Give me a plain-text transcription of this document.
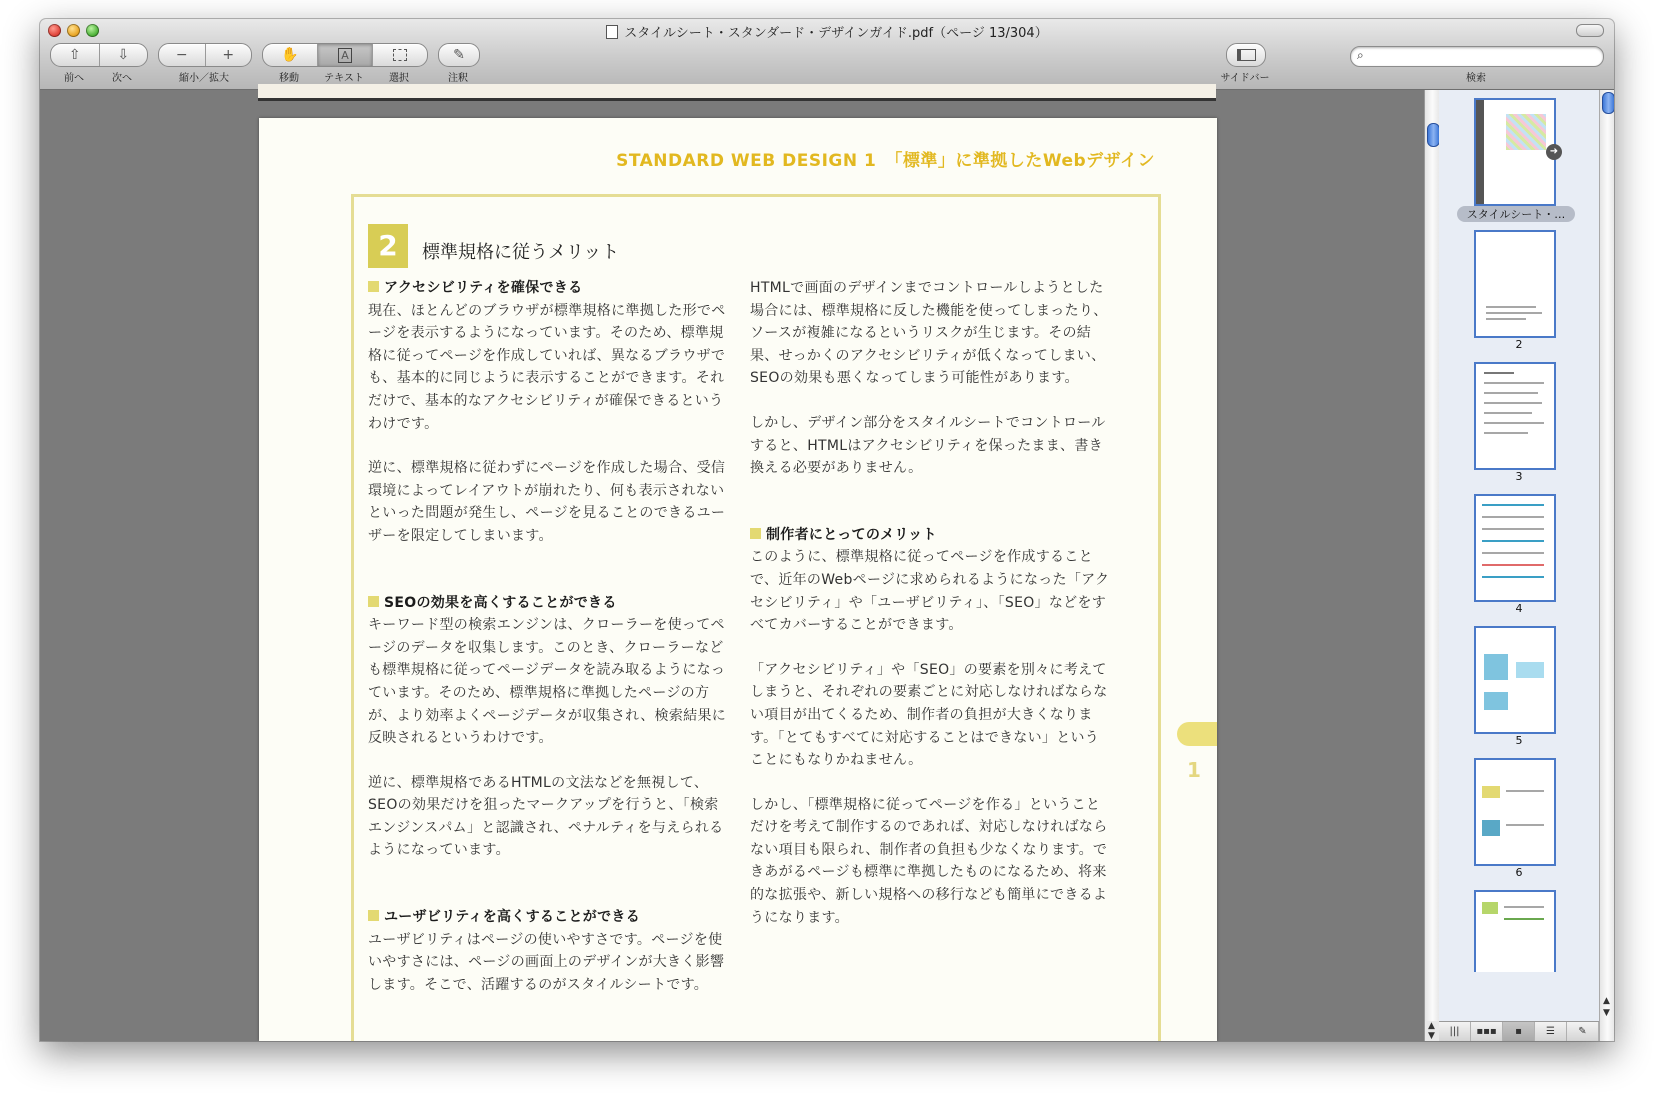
スタイルシート・スタンダード・デザインガイド.pdf（ページ 13/304）
⇧	⇩
前へ	次へ
− +
縮小／拡大
✋	A
移動	テキスト	選択
✎
注釈	サイドバー
⌕
検索
STANDARD WEB DESIGN 1　「標準」に準拠したWebデザイン
2	標準規格に従うメリット
アクセシビリティを確保できる

現在、ほとんどのブラウザが標準規格に準拠した形でページを表示するようになっています。そのため、標準規格に従ってページを作成していれば、異なるブラウザでも、基本的に同じように表示することができます。それだけで、基本的なアクセシビリティが確保できるというわけです。

逆に、標準規格に従わずにページを作成した場合、受信環境によってレイアウトが崩れたり、何も表示されないといった問題が発生し、ページを見ることのできるユーザーを限定してしまいます。

SEOの効果を高くすることができる

キーワード型の検索エンジンは、クローラーを使ってページのデータを収集します。このとき、クローラーなども標準規格に従ってページデータを読み取るようになっています。そのため、標準規格に準拠したページの方が、より効率よくページデータが収集され、検索結果に反映されるというわけです。

逆に、標準規格であるHTMLの文法などを無視して、SEOの効果だけを狙ったマークアップを行うと、「検索エンジンスパム」と認識され、ペナルティを与えられるようになっています。

ユーザビリティを高くすることができる

ユーザビリティはページの使いやすさです。ページを使いやすさには、ページの画面上のデザインが大きく影響します。そこで、活躍するのがスタイルシートです。

HTMLで画面のデザインまでコントロールしようとした場合には、標準規格に反した機能を使ってしまったり、ソースが複雑になるというリスクが生じます。その結果、せっかくのアクセシビリティが低くなってしまい、SEOの効果も悪くなってしまう可能性があります。

しかし、デザイン部分をスタイルシートでコントロールすると、HTMLはアクセシビリティを保ったまま、書き換える必要がありません。

制作者にとってのメリット

このように、標準規格に従ってページを作成することで、近年のWebページに求められるようになった「アクセシビリティ」や「ユーザビリティ」、「SEO」などをすべてカバーすることができます。

「アクセシビリティ」や「SEO」の要素を別々に考えてしまうと、それぞれの要素ごとに対応しなければならない項目が出てくるため、制作者の負担が大きくなります。「とてもすべてに対応することはできない」ということにもなりかねません。

しかし、「標準規格に従ってページを作る」ということだけを考えて制作するのであれば、対応しなければならない項目も限られ、制作者の負担も少なくなります。できあがるページも標準に準拠したものになるため、将来的な拡張や、新しい規格への移行なども簡単にできるようになります。

1
➜
スタイルシート・…
2
3
4
5
6
▲
▼
▲
▼	|||	▪▪▪	▪	☰	✎
